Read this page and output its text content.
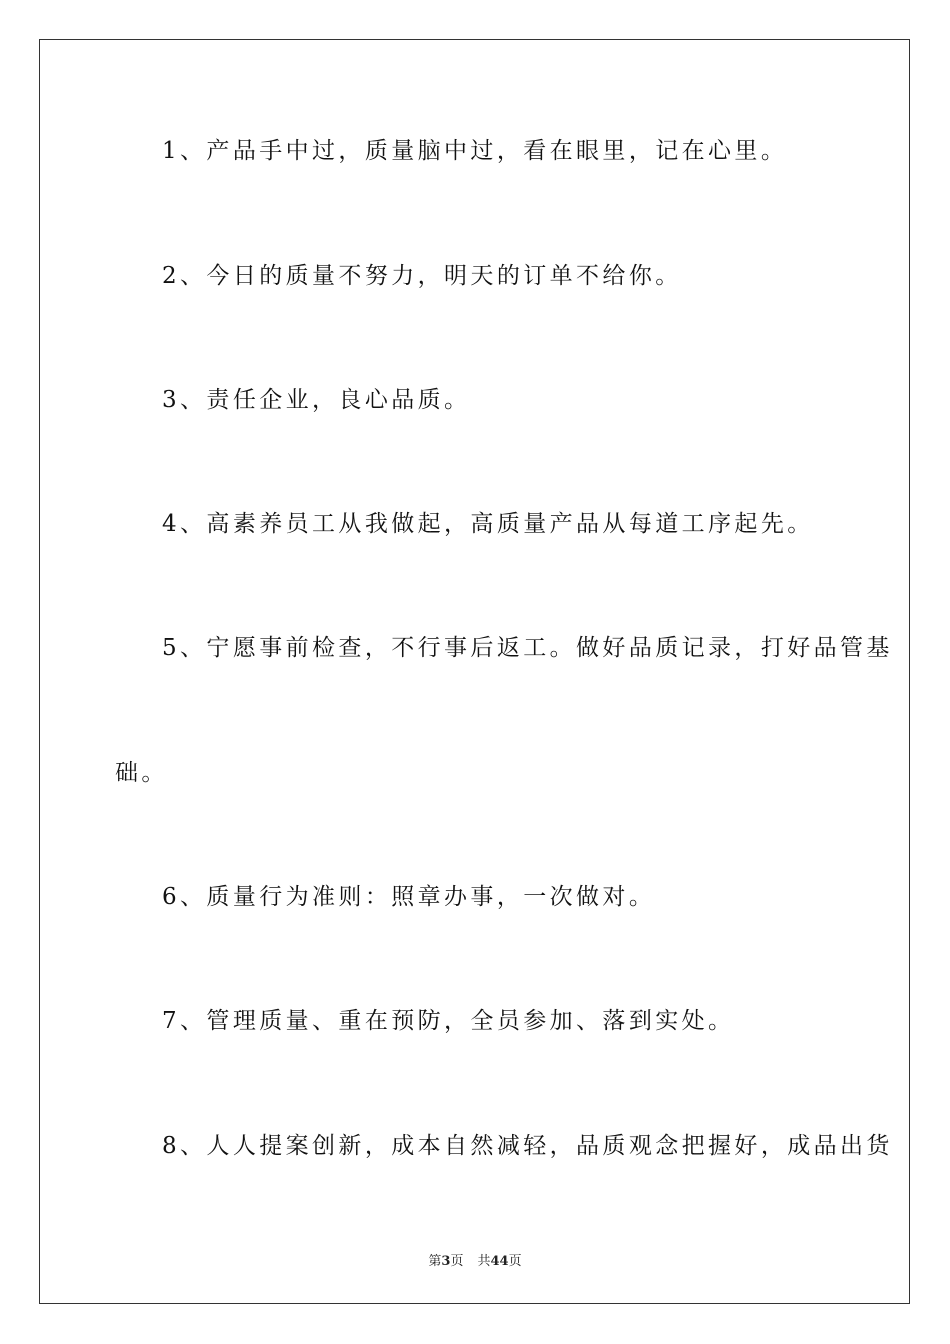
1、产品手中过，质量脑中过，看在眼里，记在心里。
2、今日的质量不努力，明天的订单不给你。
3、责任企业，良心品质。
4、高素养员工从我做起，高质量产品从每道工序起先。
5、宁愿事前检查，不行事后返工。做好品质记录，打好品管基
础。
6、质量行为准则：照章办事，一次做对。
7、管理质量、重在预防，全员参加、落到实处。
8、人人提案创新，成本自然减轻，品质观念把握好，成品出货
第3页 共44页
